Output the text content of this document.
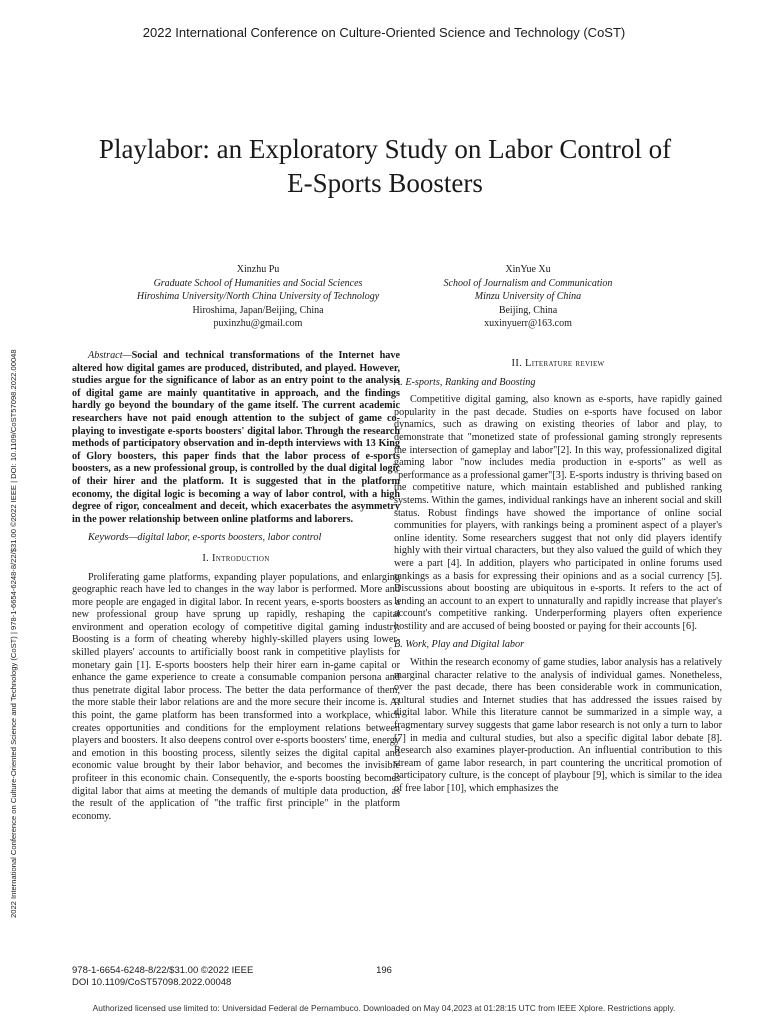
2022 International Conference on Culture-Oriented Science and Technology (CoST)
2022 International Conference on Culture-Oriented Science and Technology (CoST) | 978-1-6654-6248-8/22/$31.00 ©2022 IEEE | DOI: 10.1109/CoST57098.2022.00048
Playlabor: an Exploratory Study on Labor Control of
E-Sports Boosters
Xinzhu Pu
Graduate School of Humanities and Social Sciences
Hiroshima University/North China University of Technology
Hiroshima, Japan/Beijing, China
puxinzhu@gmail.com
XinYue Xu
School of Journalism and Communication
Minzu University of China
Beijing, China
xuxinyuerr@163.com

Abstract—Social and technical transformations of the Internet have altered how digital games are produced, distributed, and played. However, studies argue for the significance of labor as an entry point to the analysis of digital game are mainly quantitative in approach, and the findings hardly go beyond the boundary of the game itself. The current academic researchers have not paid enough attention to the subject of game co-playing to investigate e-sports boosters' digital labor. Through the research methods of participatory observation and in-depth interviews with 13 King of Glory boosters, this paper finds that the labor process of e-sports boosters, as a new professional group, is controlled by the dual digital logic of their hirer and the platform. It is suggested that in the platform economy, the digital logic is becoming a way of labor control, with a high degree of rigor, concealment and deceit, which exacerbates the asymmetry in the power relationship between online platforms and laborers.

Keywords—digital labor, e-sports boosters, labor control

I. Introduction

Proliferating game platforms, expanding player populations, and enlarging geographic reach have led to changes in the way labor is performed. More and more people are engaged in digital labor. In recent years, e-sports boosters as a new professional group have sprung up rapidly, reshaping the capital environment and operation ecology of competitive digital gaming industry. Boosting is a form of cheating whereby highly-skilled players using lower-skilled players' accounts to artificially boost rank in competitive playlists for monetary gain [1]. E-sports boosters help their hirer earn in-game capital or enhance the game experience to create a consumable companion persona and thus penetrate digital labor process. The better the data performance of them, the more stable their labor relations are and the more secure their income is. At this point, the game platform has been transformed into a workplace, which creates opportunities and conditions for the employment relations between players and boosters. It also deepens control over e-sports boosters' time, energy and emotion in this boosting process, silently seizes the digital capital and economic value brought by their labor behavior, and becomes the invisible profiteer in this economic chain. Consequently, the e-sports boosting becomes digital labor that aims at meeting the demands of multiple data production, as the result of the application of "the traffic first principle" in the platform economy.

II. Literature review
A. E-sports, Ranking and Boosting

Competitive digital gaming, also known as e-sports, have rapidly gained popularity in the past decade. Studies on e-sports have focused on labor dynamics, such as drawing on existing theories of labor and play, to demonstrate that "monetized state of professional gaming strongly represents the intersection of gameplay and labor"[2]. In this way, professionalized digital gaming labor "now includes media production in e-sports" as well as "performance as a professional gamer"[3]. E-sports industry is thriving based on the competitive nature, which maintain established and published ranking systems. Within the games, individual rankings have an inherent social and skill status. Robust findings have showed the importance of online social communities for players, with rankings being a prominent aspect of a player's online identity. Some researchers suggest that not only did players identify highly with their virtual characters, but they also valued the guild of which they were a part [4]. In addition, players who participated in online forums used rankings as a basis for expressing their opinions and as a social currency [5]. Discussions about boosting are ubiquitous in e-sports. It refers to the act of lending an account to an expert to unnaturally and rapidly increase that player's account's competitive ranking. Underperforming players often experience hostility and are accused of being boosted or paying for their accounts [6].

B. Work, Play and Digital labor

Within the research economy of game studies, labor analysis has a relatively marginal character relative to the analysis of individual games. Nonetheless, over the past decade, there has been considerable work in communication, cultural studies and Internet studies that has addressed the issues raised by digital labor. While this literature cannot be summarized in a simple way, a fragmentary survey suggests that game labor research is not only a turn to labor [7] in media and cultural studies, but also a specific digital labor debate [8]. Research also examines player-production. An influential contribution to this stream of game labor research, in part countering the uncritical promotion of participatory culture, is the concept of playbour [9], which is similar to the idea of free labor [10], which emphasizes the

978-1-6654-6248-8/22/$31.00 ©2022 IEEE
DOI 10.1109/CoST57098.2022.00048
196
Authorized licensed use limited to: Universidad Federal de Pernambuco. Downloaded on May 04,2023 at 01:28:15 UTC from IEEE Xplore. Restrictions apply.
